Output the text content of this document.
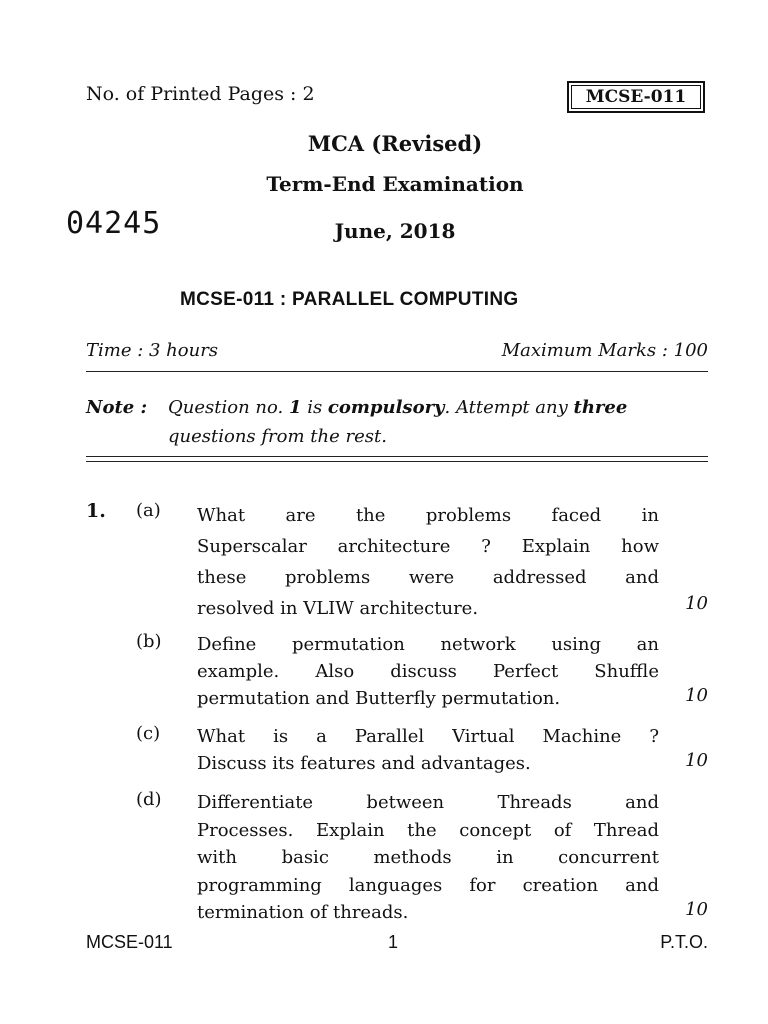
No. of Printed Pages : 2	MCSE-011
MCA (Revised)
Term-End Examination
04245	June, 2018
MCSE-011 : PARALLEL COMPUTING
Time : 3 hours	Maximum Marks : 100
Note : Question no. 1 is compulsory. Attempt any three
questions from the rest.
1. (a) What are the problems faced in
Superscalar architecture ? Explain how
these problems were addressed and
resolved in VLIW architecture.	10
(b) Define permutation network using an
example. Also discuss Perfect Shuffle
permutation and Butterfly permutation.	10
(c) What is a Parallel Virtual Machine ?
Discuss its features and advantages.	10
(d) Differentiate between Threads and
Processes. Explain the concept of Thread
with basic methods in concurrent
programming languages for creation and
termination of threads.	10
MCSE-011	1	P.T.O.
